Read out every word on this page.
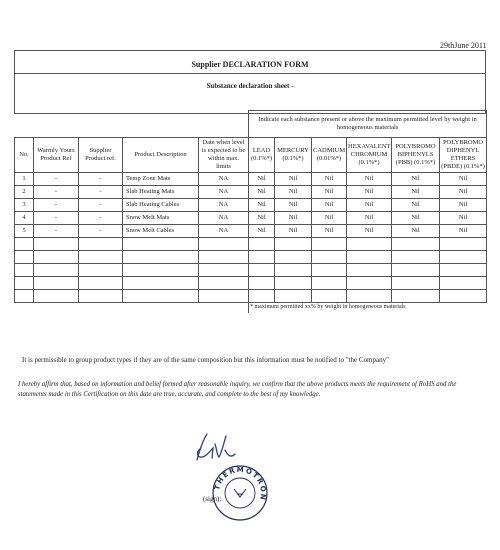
29thJune 2011
Supplier DECLARATION FORM
Substance declaration sheet -
					Indicate each substance present or above the maximum permitted level by weight in homogeneous materials					
No.	Warmly Yours Product Ref	Supplier Product ref.	Product Description	Date when level is expected to be within max. limits	LEAD (0.1%*)	MERCURY (0.1%*)	CADMIUM (0.01%*)	HEXAVALENT CHROMIUM (0.1%*)	POLYBROMO BIPHENYLS (PBB) (0.1%*)	POLYBROMO DIPHENYL ETHERS (PBDE) (0.1%*)
1	-	-	Temp Zone Mats	NA	Nil	Nil	Nil	Nil	Nil	Nil
2	-	-	Slab Heating Mats	NA	Nil	Nil	Nil	Nil	Nil	Nil
3	-	-	Slab Heating Cables	NA	Nil	Nil	Nil	Nil	Nil	Nil
4	-	-	Snow Melt Mats	NA	Nil	Nil	Nil	Nil	Nil	Nil
5	-	-	Snow Melt Cables	NA	Nil	Nil	Nil	Nil	Nil	Nil

					* maximum permitted xx% by weight in homogeneous materials					
It is permissible to group product types if they are of the same composition but this information must be notified to "the Company"
I hereby affirm that, based on information and belief formed after reasonable inquiry, we confirm that the above products meets the requirement of RoHS and the statements made in this Certification on this date are true, accurate, and complete to the best of my knowledge.
(sign):
THERMOTRON
